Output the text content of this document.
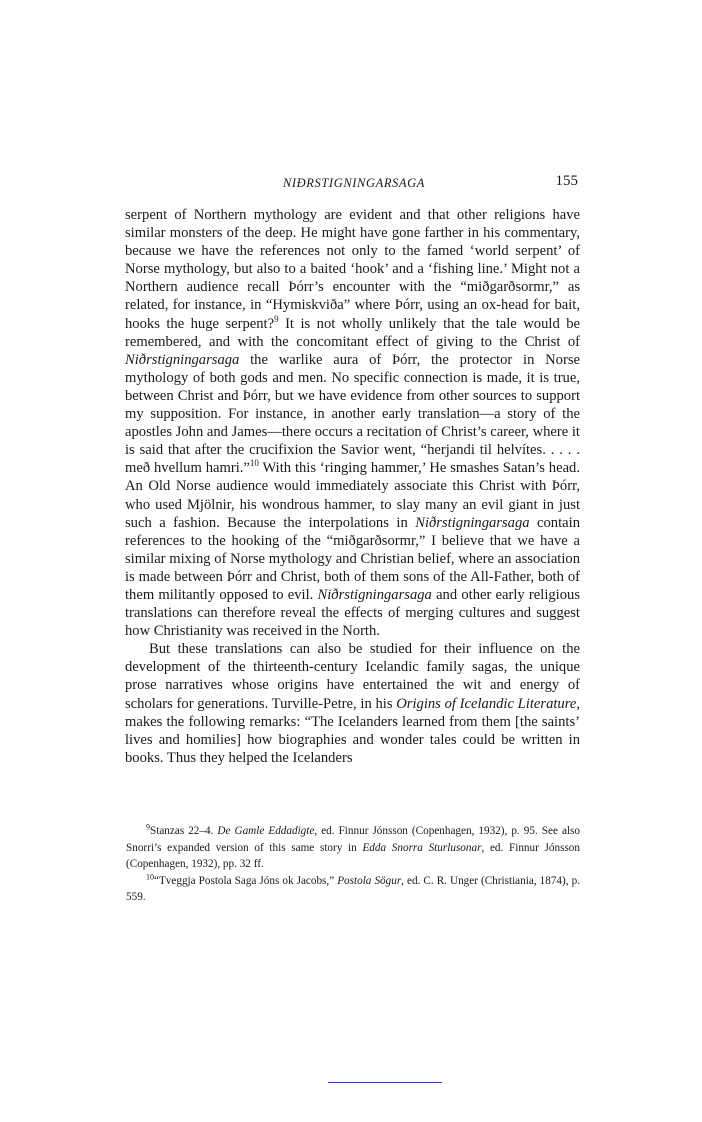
NIÐRSTIGNINGARSAGA	155

serpent of Northern mythology are evident and that other religions have similar monsters of the deep. He might have gone farther in his commentary, because we have the references not only to the famed ‘world serpent’ of Norse mythology, but also to a baited ‘hook’ and a ‘fishing line.’ Might not a Northern audience recall Þórr’s encounter with the “miðgarðsormr,” as related, for instance, in “Hymiskviða” where Þórr, using an ox-head for bait, hooks the huge serpent?$^9$ It is not wholly unlikely that the tale would be remembered, and with the concomitant effect of giving to the Christ of Niðrstigningarsaga the warlike aura of Þórr, the protector in Norse mythology of both gods and men. No specific connection is made, it is true, between Christ and Þórr, but we have evidence from other sources to support my supposition. For instance, in another early translation—a story of the apostles John and James—there occurs a recitation of Christ’s career, where it is said that after the crucifixion the Savior went, “herjandi til helvítes. . . . . með hvellum hamri.”$^{10}$ With this ‘ringing hammer,’ He smashes Satan’s head. An Old Norse audience would immediately associate this Christ with Þórr, who used Mjölnir, his wondrous hammer, to slay many an evil giant in just such a fashion. Because the interpolations in Niðrstigningarsaga contain references to the hooking of the “miðgarðsormr,” I believe that we have a similar mixing of Norse mythology and Christian belief, where an association is made between Þórr and Christ, both of them sons of the All-Father, both of them militantly opposed to evil. Niðrstigningarsaga and other early religious translations can therefore reveal the effects of merging cultures and suggest how Christianity was received in the North.

But these translations can also be studied for their influence on the development of the thirteenth-century Icelandic family sagas, the unique prose narratives whose origins have entertained the wit and energy of scholars for generations. Turville-Petre, in his Origins of Icelandic Literature, makes the following remarks: “The Icelanders learned from them [the saints’ lives and homilies] how biographies and wonder tales could be written in books. Thus they helped the Icelanders

$^9$Stanzas 22–4. De Gamle Eddadigte, ed. Finnur Jónsson (Copenhagen, 1932), p. 95. See also Snorri’s expanded version of this same story in Edda Snorra Sturlusonar, ed. Finnur Jónsson (Copenhagen, 1932), pp. 32 ff.

$^{10}$“Tveggja Postola Saga Jóns ok Jacobs,” Postola Sögur, ed. C. R. Unger (Christiania, 1874), p. 559.
